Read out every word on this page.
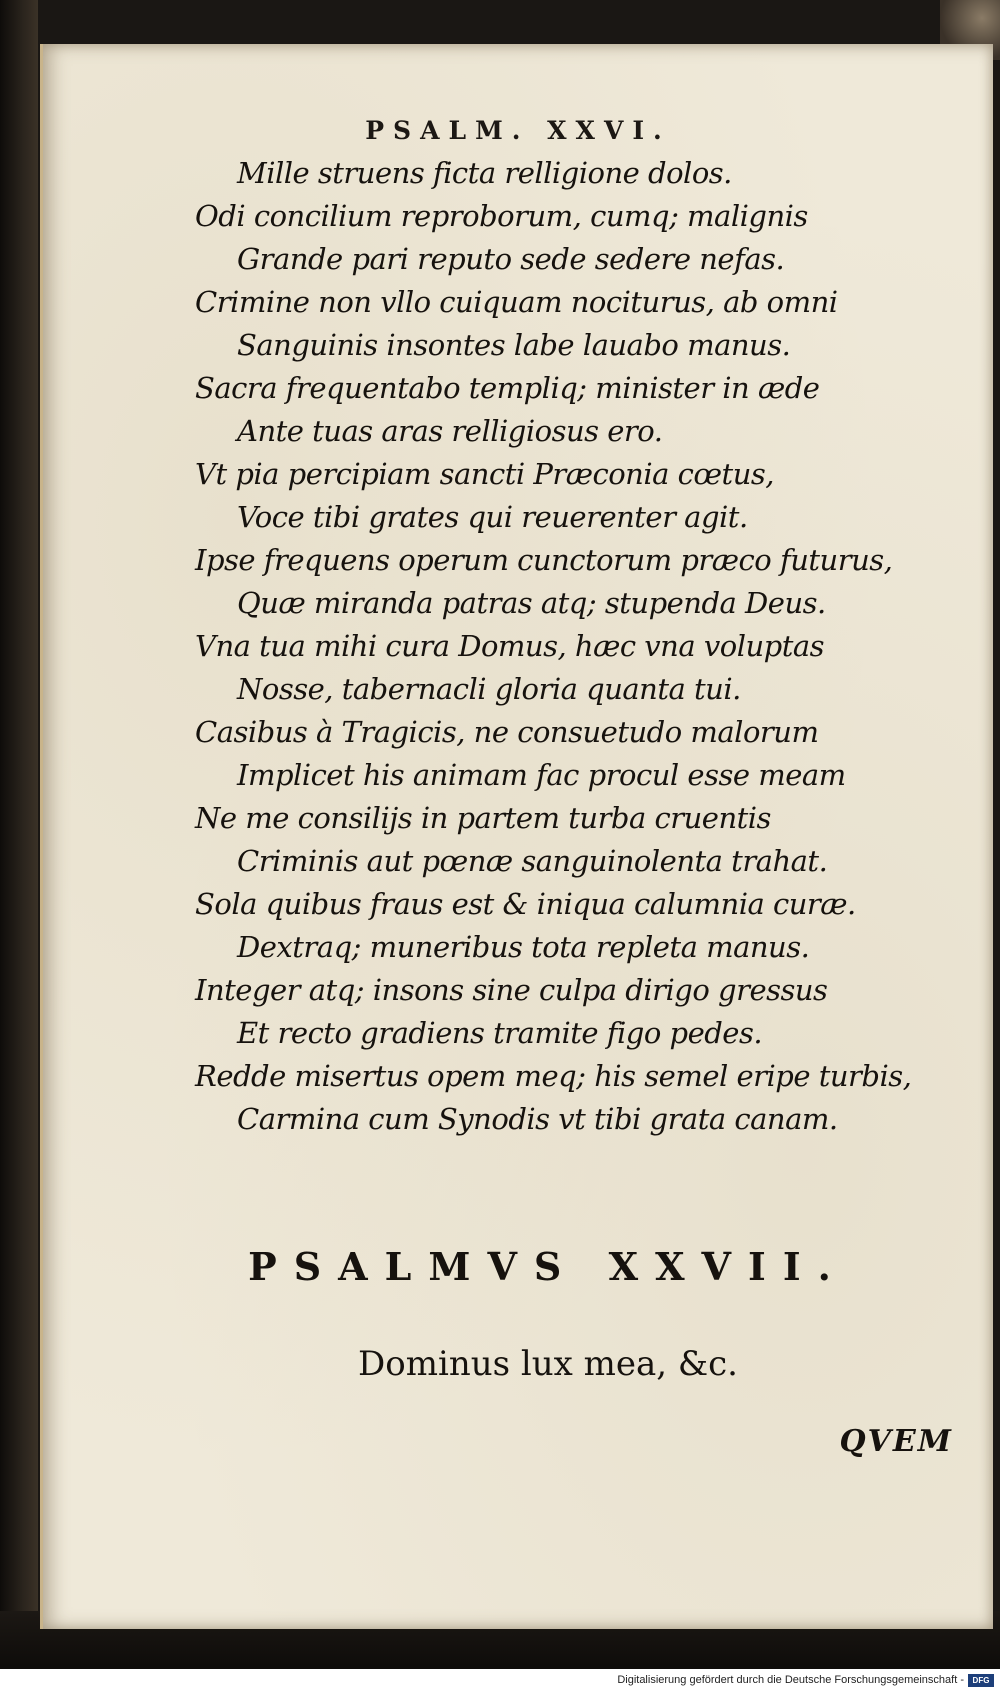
PSALM. XXVI.
Mille struens ficta relligione dolos.
Odi concilium reproborum, cumq; malignis
Grande pari reputo sede sedere nefas.
Crimine non vllo cuiquam nociturus, ab omni
Sanguinis insontes labe lauabo manus.
Sacra frequentabo templiq; minister in æde
Ante tuas aras relligiosus ero.
Vt pia percipiam sancti Præconia cœtus,
Voce tibi grates qui reuerenter agit.
Ipse frequens operum cunctorum præco futurus,
Quæ miranda patras atq; stupenda Deus.
Vna tua mihi cura Domus, hæc vna voluptas
Nosse, tabernacli gloria quanta tui.
Casibus à Tragicis, ne consuetudo malorum
Implicet his animam fac procul esse meam
Ne me consilijs in partem turba cruentis
Criminis aut pœnæ sanguinolenta trahat.
Sola quibus fraus est & iniqua calumnia curæ.
Dextraq; muneribus tota repleta manus.
Integer atq; insons sine culpa dirigo gressus
Et recto gradiens tramite figo pedes.
Redde misertus opem meq; his semel eripe turbis,
Carmina cum Synodis vt tibi grata canam.
PSALMVS XXVII.
Dominus lux mea, &c.
QVEM
Digitalisierung gefördert durch die Deutsche Forschungsgemeinschaft -	DFG
